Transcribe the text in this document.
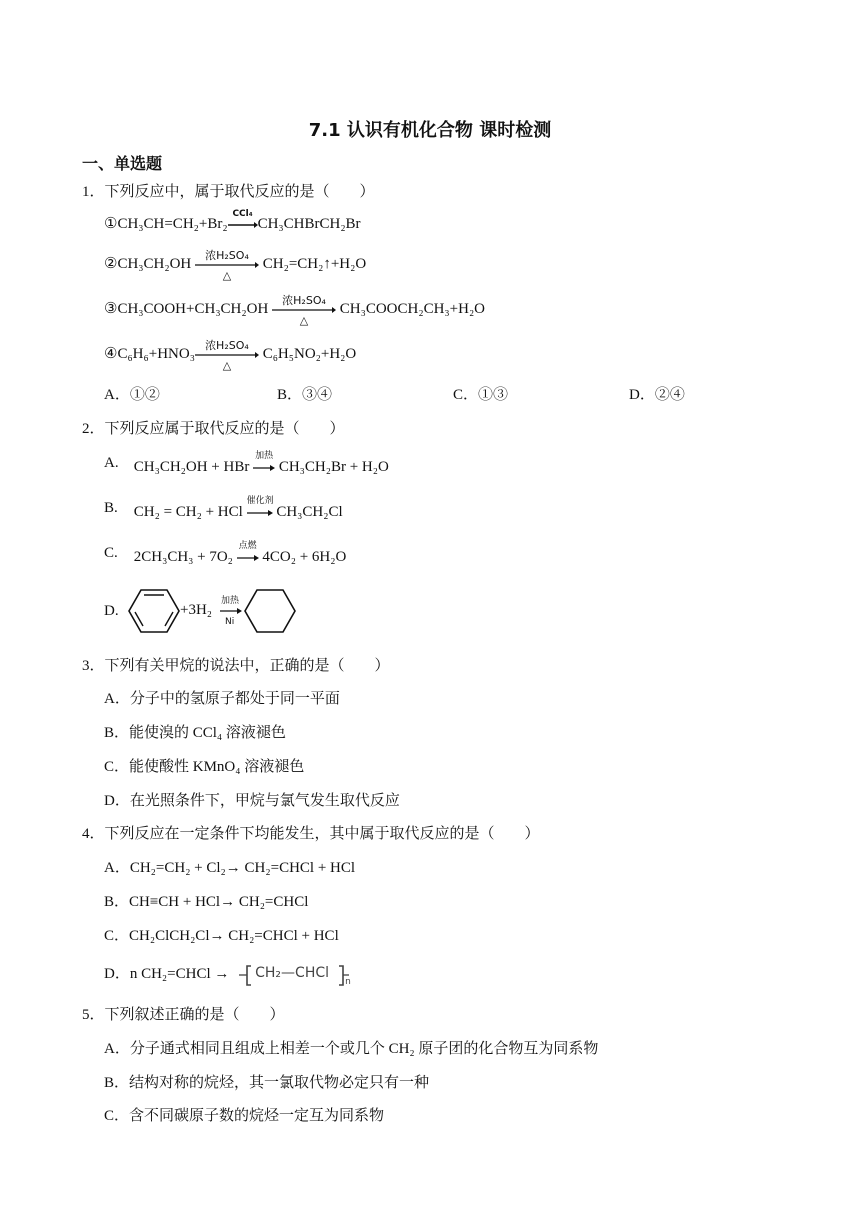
7.1 认识有机化合物 课时检测
一、单选题
1．下列反应中，属于取代反应的是（　　）
①CH₃CH=CH₂+Br₂
CCl₄
CH₃CHBrCH₂Br
②CH₃CH₂OH
浓H₂SO₄
△
CH₂=CH₂↑+H₂O
③CH₃COOH+CH₃CH₂OH
浓H₂SO₄
△
CH₃COOCH₂CH₃+H₂O
④C₆H₆+HNO₃
浓H₂SO₄
△
C₆H₅NO₂+H₂O
A．①②	B．③④	C．①③	D．②④
2．下列反应属于取代反应的是（　　）
A. CH₃CH₂OH + HBr
加热
CH₃CH₂Br + H₂O
B. CH₂ = CH₂ + HCl
催化剂
CH₃CH₂Cl
C. 2CH₃CH₃ + 7O₂
点燃
4CO₂ + 6H₂O
D.	+3H₂
加热
Ni
3．下列有关甲烷的说法中，正确的是（　　）
A．分子中的氢原子都处于同一平面
B．能使溴的 CCl₄ 溶液褪色
C．能使酸性 KMnO₄ 溶液褪色
D．在光照条件下，甲烷与氯气发生取代反应
4．下列反应在一定条件下均能发生，其中属于取代反应的是（　　）
A．CH₂=CH₂ + Cl₂→ CH₂=CHCl + HCl
B．CH≡CH + HCl→ CH₂=CHCl
C．CH₂ClCH₂Cl→ CH₂=CHCl + HCl
D．n CH₂=CHCl → CH₂—CHCl
n
5．下列叙述正确的是（　　）
A．分子通式相同且组成上相差一个或几个 CH₂ 原子团的化合物互为同系物
B．结构对称的烷烃，其一氯取代物必定只有一种
C．含不同碳原子数的烷烃一定互为同系物
